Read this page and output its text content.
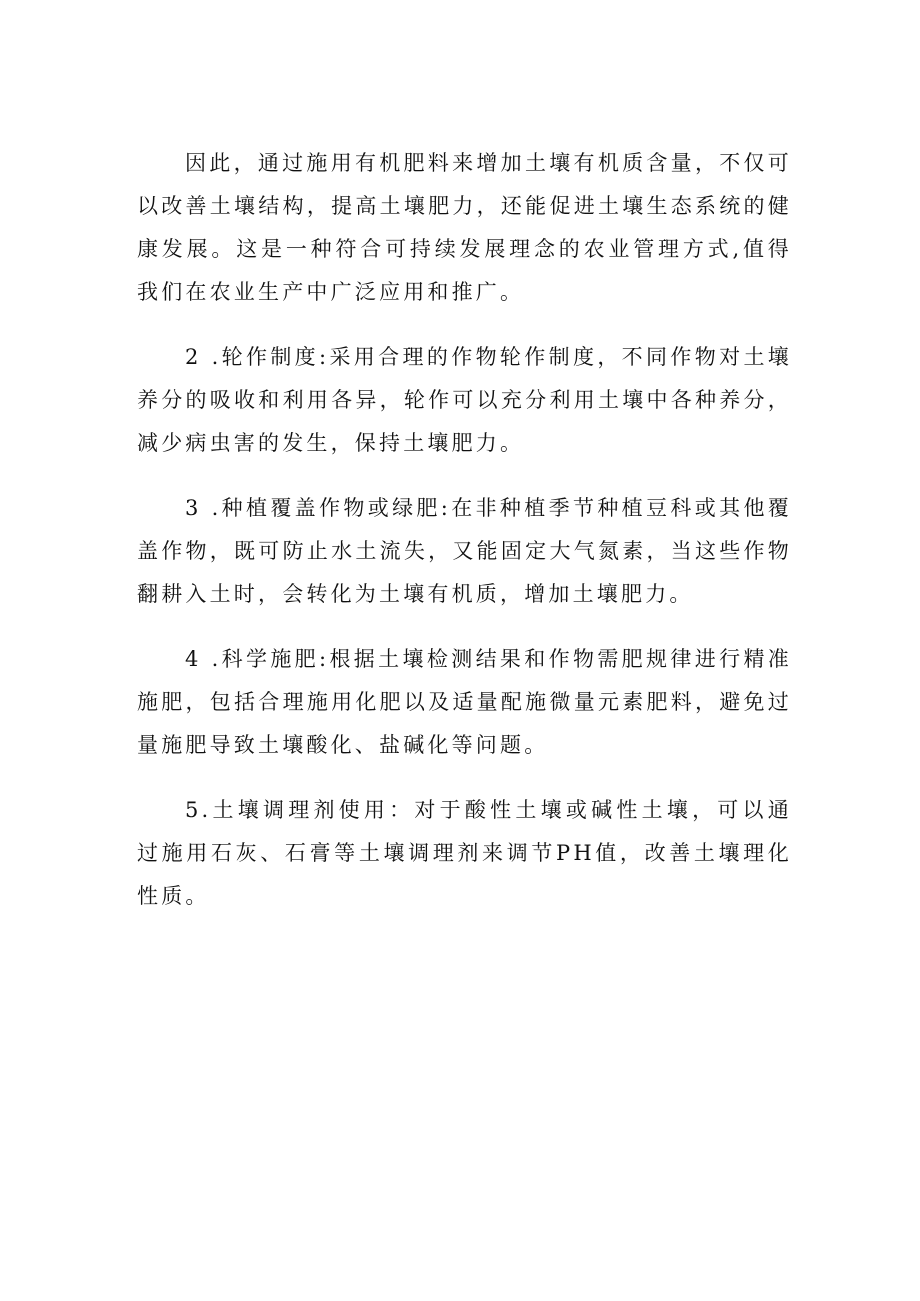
因此，通过施用有机肥料来增加土壤有机质含量，不仅可以改善土壤结构，提高土壤肥力，还能促进土壤生态系统的健康发展。这是一种符合可持续发展理念的农业管理方式,值得我们在农业生产中广泛应用和推广。

2 .轮作制度:采用合理的作物轮作制度，不同作物对土壤养分的吸收和利用各异，轮作可以充分利用土壤中各种养分，减少病虫害的发生，保持土壤肥力。

3 .种植覆盖作物或绿肥:在非种植季节种植豆科或其他覆盖作物，既可防止水土流失，又能固定大气氮素，当这些作物翻耕入土时，会转化为土壤有机质，增加土壤肥力。

4 .科学施肥:根据土壤检测结果和作物需肥规律进行精准施肥，包括合理施用化肥以及适量配施微量元素肥料，避免过量施肥导致土壤酸化、盐碱化等问题。

5.土壤调理剂使用：对于酸性土壤或碱性土壤，可以通过施用石灰、石膏等土壤调理剂来调节PH值，改善土壤理化性质。
